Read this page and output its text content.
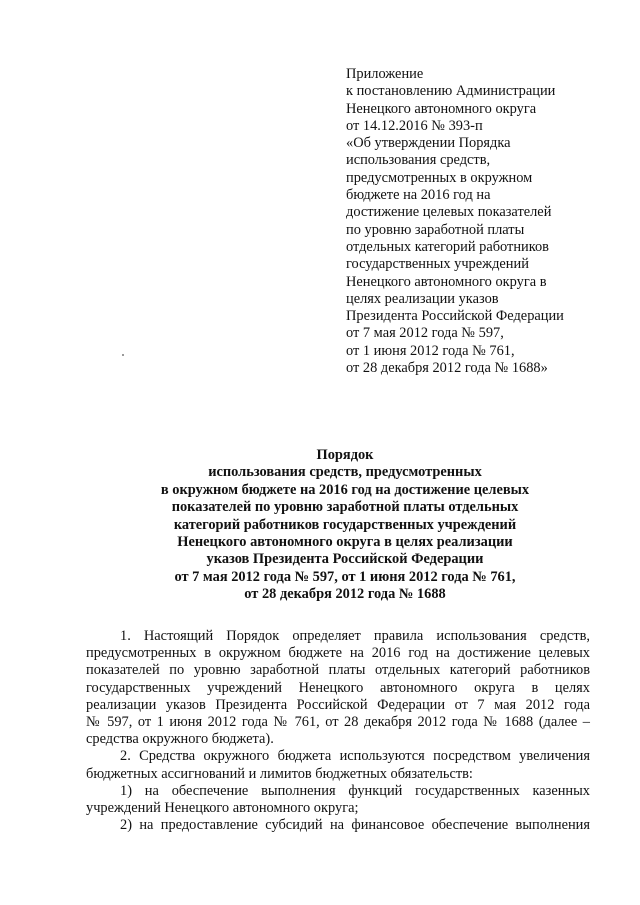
Приложение
к постановлению Администрации
Ненецкого автономного округа
от 14.12.2016 № 393-п
«Об утверждении Порядка
использования средств,
предусмотренных в окружном
бюджете на 2016 год на
достижение целевых показателей
по уровню заработной платы
отдельных категорий работников
государственных учреждений
Ненецкого автономного округа в
целях реализации указов
Президента Российской Федерации
от 7 мая 2012 года № 597,
от 1 июня 2012 года № 761,
от 28 декабря 2012 года № 1688»
Порядок
использования средств, предусмотренных
в окружном бюджете на 2016 год на достижение целевых
показателей по уровню заработной платы отдельных
категорий работников государственных учреждений
Ненецкого автономного округа в целях реализации
указов Президента Российской Федерации
от 7 мая 2012 года № 597, от 1 июня 2012 года № 761,
от 28 декабря 2012 года № 1688
1. Настоящий Порядок определяет правила использования средств,
предусмотренных в окружном бюджете на 2016 год на достижение целевых
показателей по уровню заработной платы отдельных категорий работников
государственных учреждений Ненецкого автономного округа в целях
реализации указов Президента Российской Федерации от 7 мая 2012 года
№ 597, от 1 июня 2012 года № 761, от 28 декабря 2012 года № 1688 (далее –
средства окружного бюджета).
2. Средства окружного бюджета используются посредством увеличения
бюджетных ассигнований и лимитов бюджетных обязательств:
1) на обеспечение выполнения функций государственных казенных
учреждений Ненецкого автономного округа;
2) на предоставление субсидий на финансовое обеспечение выполнения
